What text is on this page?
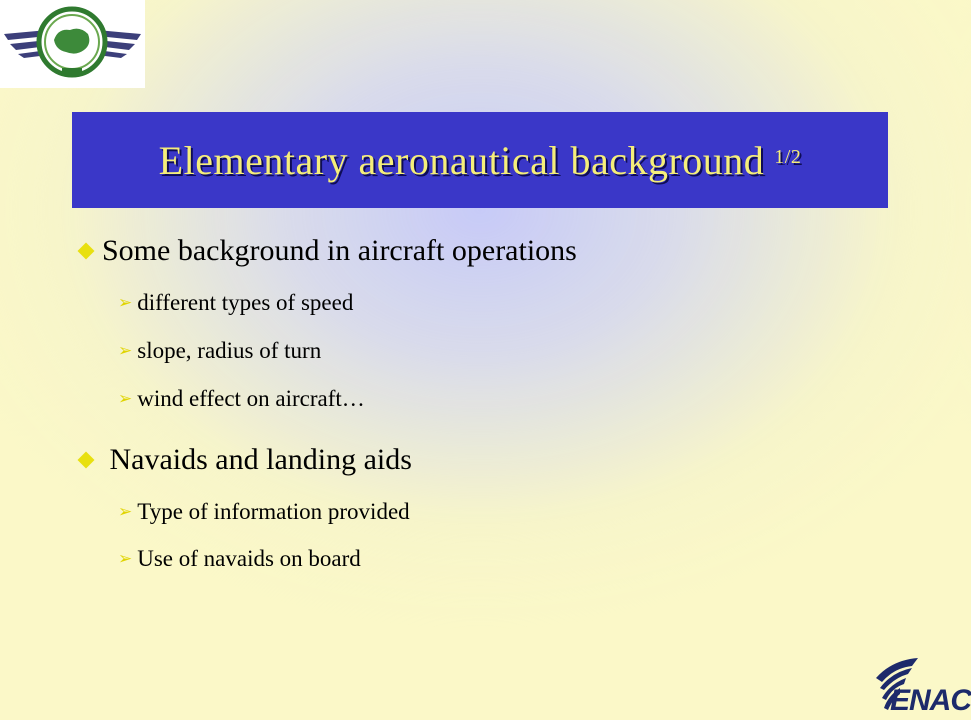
Elementary aeronautical background $^{1/2}$
Some background in aircraft operations
➢ different types of speed
➢ slope, radius of turn
➢ wind effect on aircraft…
Navaids and landing aids
➢ Type of information provided
➢ Use of navaids on board
ENAC
